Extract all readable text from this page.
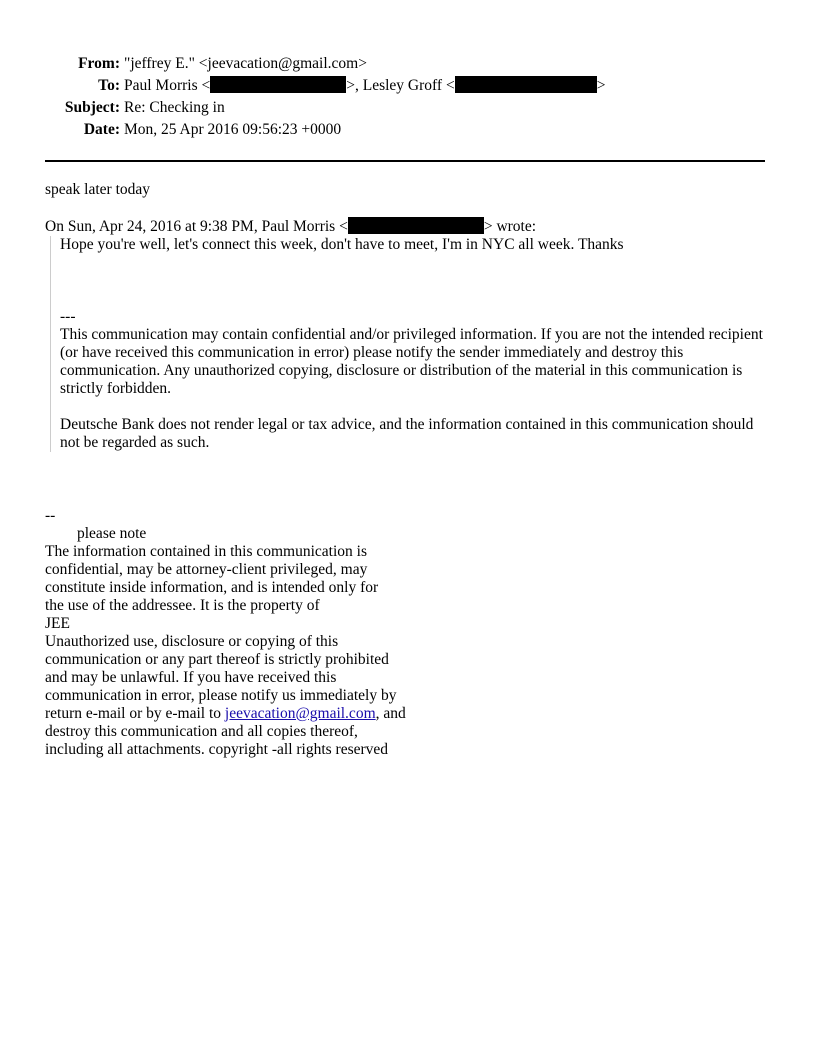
From: "jeffrey E." <jeevacation@gmail.com>
To: Paul Morris <	>, Lesley Groff <	>
Subject: Re: Checking in
Date: Mon, 25 Apr 2016 09:56:23 +0000
speak later today
On Sun, Apr 24, 2016 at 9:38 PM, Paul Morris <	> wrote:

Hope you're well, let's connect this week, don't have to meet, I'm in NYC all week. Thanks

---

This communication may contain confidential and/or privileged information. If you are not the intended recipient (or have received this communication in error) please notify the sender immediately and destroy this communication. Any unauthorized copying, disclosure or distribution of the material in this communication is strictly forbidden.

Deutsche Bank does not render legal or tax advice, and the information contained in this communication should not be regarded as such.

--
please note
The information contained in this communication is
confidential, may be attorney-client privileged, may
constitute inside information, and is intended only for
the use of the addressee. It is the property of
JEE
Unauthorized use, disclosure or copying of this
communication or any part thereof is strictly prohibited
and may be unlawful. If you have received this
communication in error, please notify us immediately by
return e-mail or by e-mail to jeevacation@gmail.com, and
destroy this communication and all copies thereof,
including all attachments. copyright -all rights reserved
